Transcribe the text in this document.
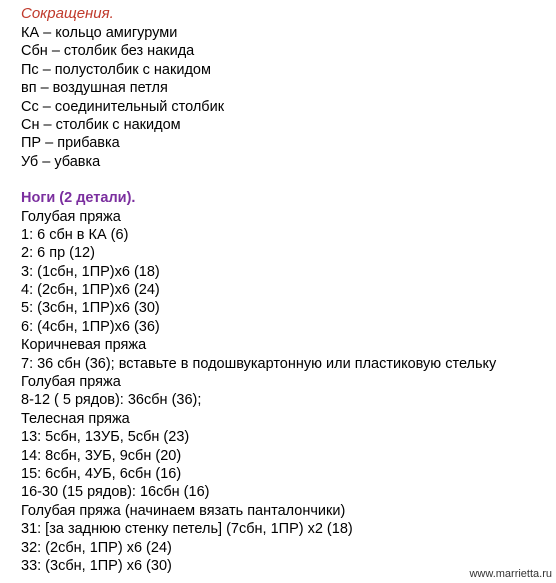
Сокращения.
КА – кольцо амигуруми
Сбн – столбик без накида
Пс – полустолбик с накидом
вп – воздушная петля
Сс – соединительный столбик
Сн – столбик с накидом
ПР – прибавка
Уб – убавка
Ноги (2 детали).
Голубая пряжа
1: 6 сбн в КА (6)
2: 6 пр (12)
3: (1сбн, 1ПР)х6 (18)
4: (2сбн, 1ПР)х6 (24)
5: (3сбн, 1ПР)х6 (30)
6: (4сбн, 1ПР)х6 (36)
Коричневая пряжа
7: 36 сбн (36); вставьте в подошвукартонную или пластиковую стельку
Голубая пряжа
8-12 ( 5 рядов): 36сбн (36);
Телесная пряжа
13: 5сбн, 13УБ, 5сбн (23)
14: 8сбн, 3УБ, 9сбн (20)
15: 6сбн, 4УБ, 6сбн (16)
16-30 (15 рядов): 16сбн (16)
Голубая пряжа (начинаем вязать панталончики)
31: [за заднюю стенку петель] (7сбн, 1ПР) х2 (18)
32: (2сбн, 1ПР) х6 (24)
33: (3сбн, 1ПР) х6 (30)
www.marrietta.ru
